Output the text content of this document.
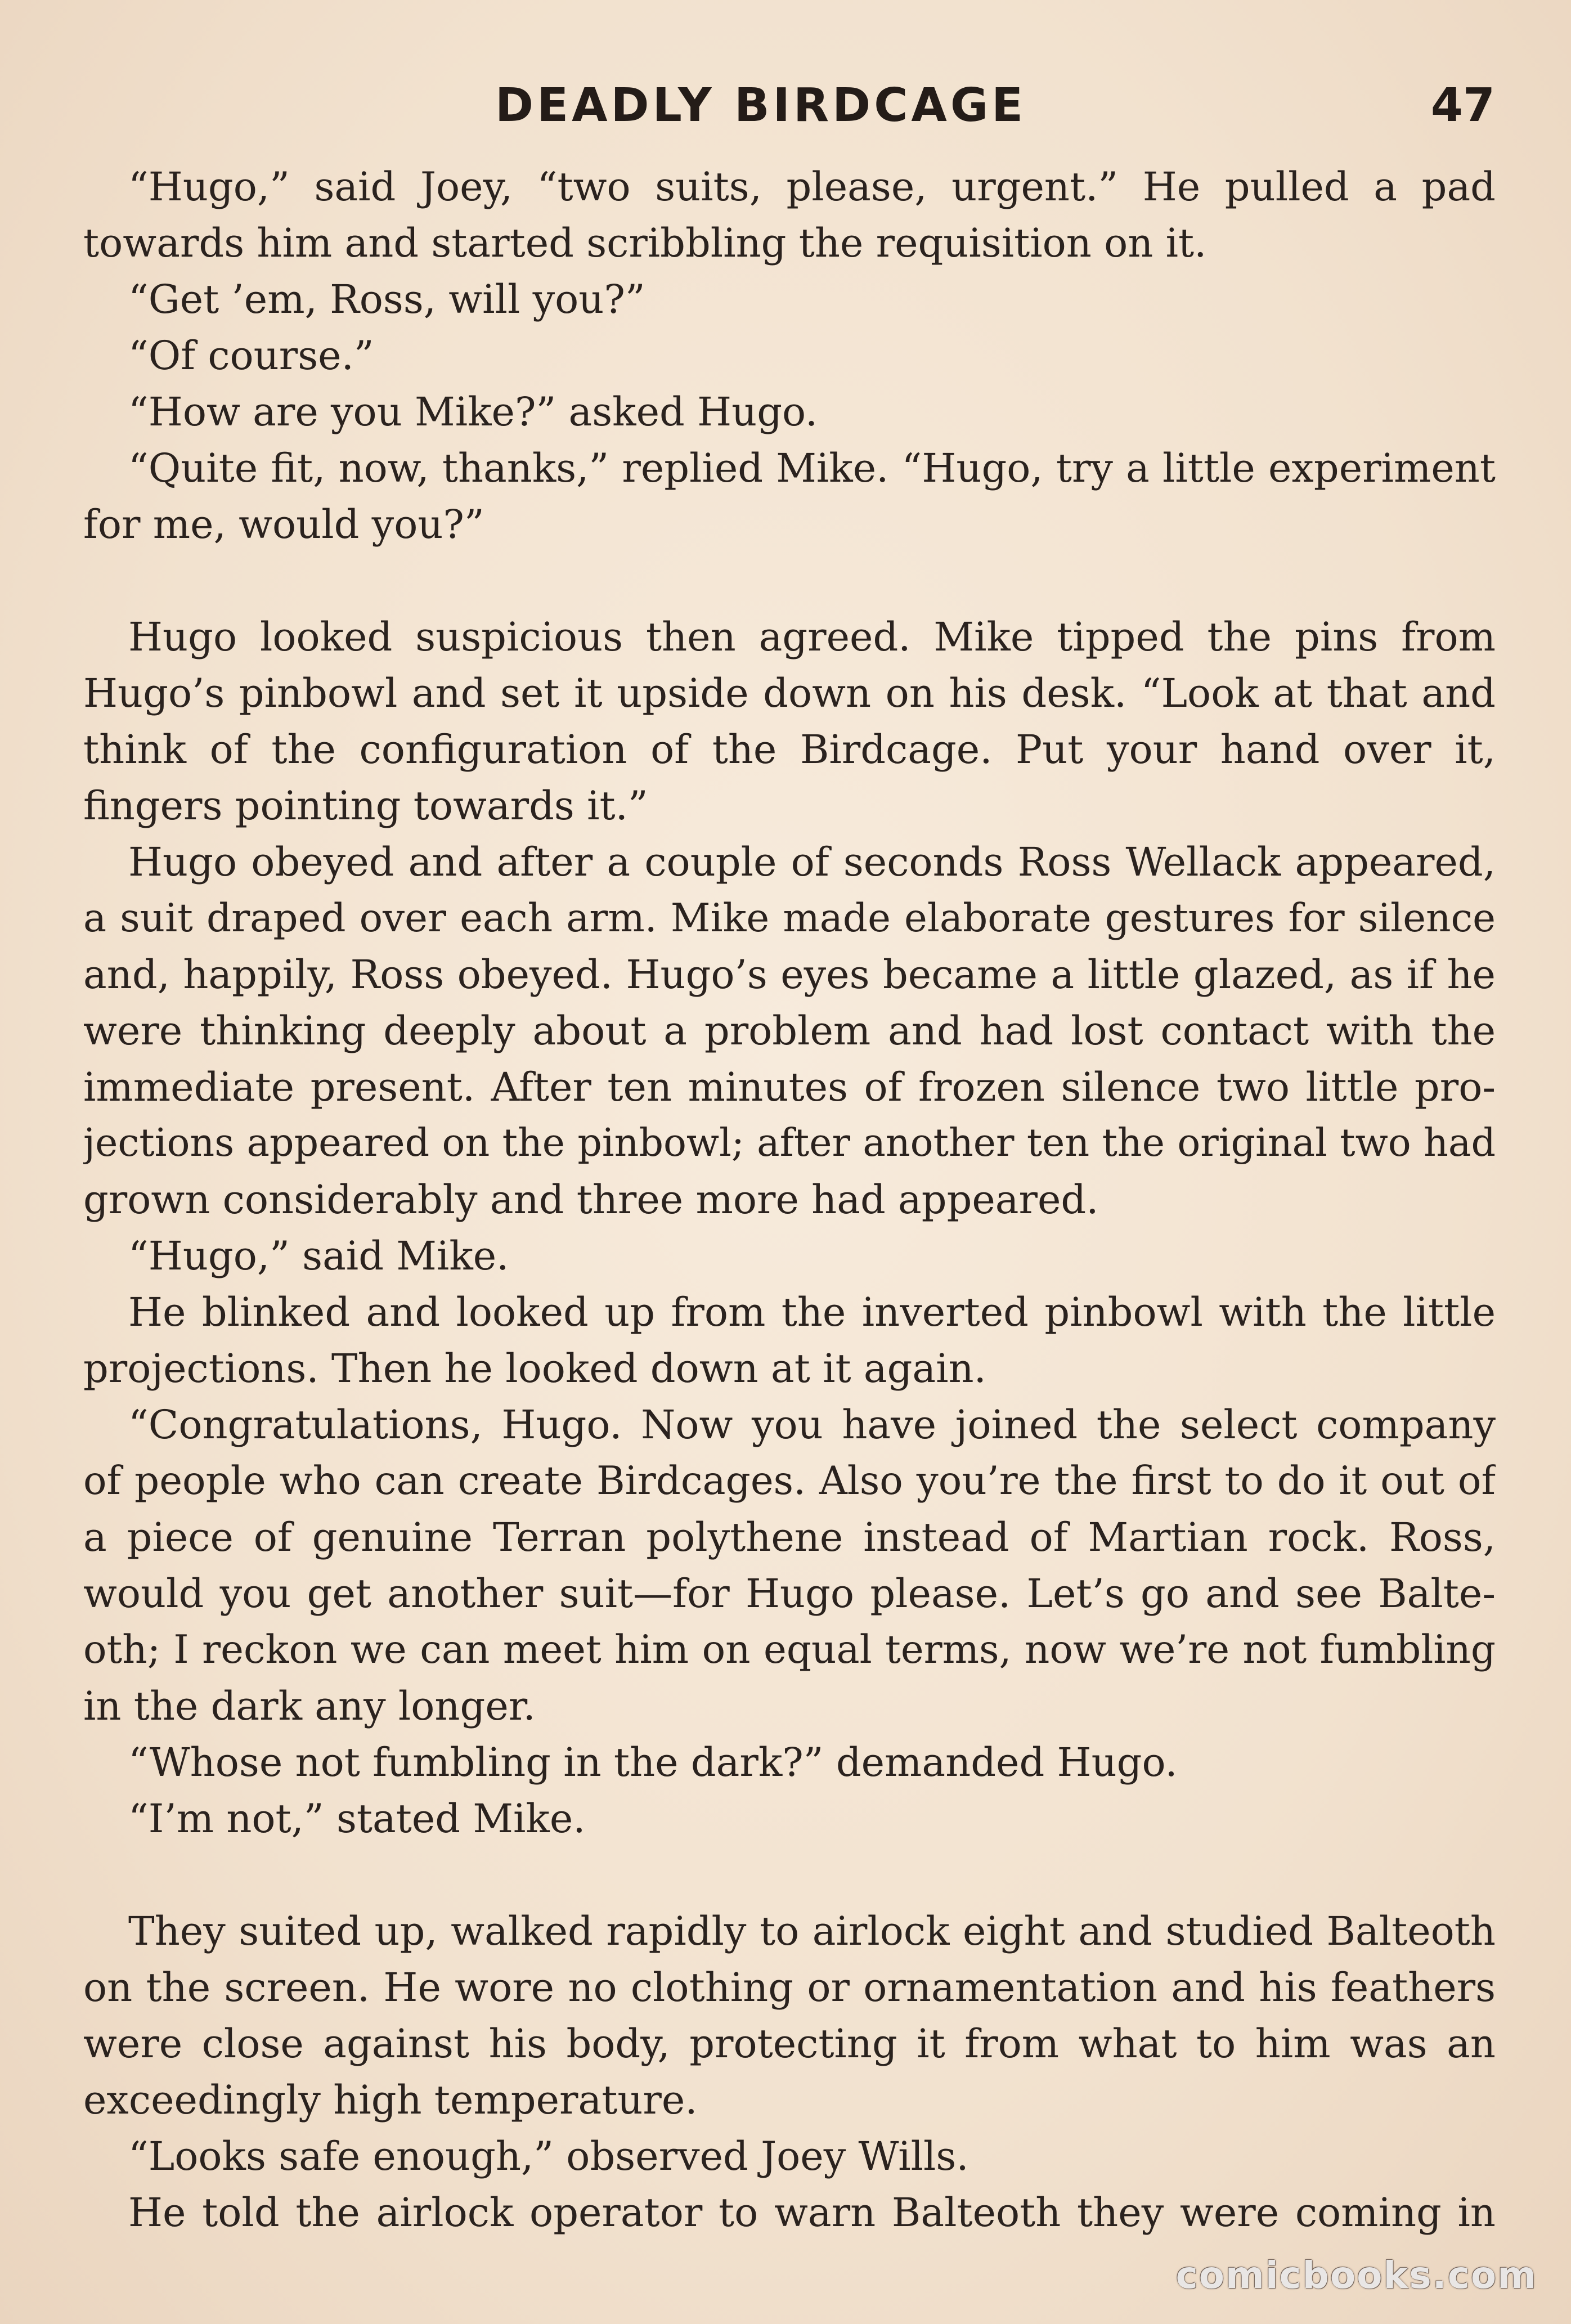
DEADLY BIRDCAGE	47
“Hugo,” said Joey, “two suits, please, urgent.” He pulled a pad
towards him and started scribbling the requisition on it.
“Get ’em, Ross, will you?”
“Of course.”
“How are you Mike?” asked Hugo.
“Quite fit, now, thanks,” replied Mike. “Hugo, try a little experiment
for me, would you?”
Hugo looked suspicious then agreed. Mike tipped the pins from
Hugo’s pinbowl and set it upside down on his desk. “Look at that and
think of the configuration of the Birdcage. Put your hand over it,
fingers pointing towards it.”
Hugo obeyed and after a couple of seconds Ross Wellack appeared,
a suit draped over each arm. Mike made elaborate gestures for silence
and, happily, Ross obeyed. Hugo’s eyes became a little glazed, as if he
were thinking deeply about a problem and had lost contact with the
immediate present. After ten minutes of frozen silence two little pro-
jections appeared on the pinbowl; after another ten the original two had
grown considerably and three more had appeared.
“Hugo,” said Mike.
He blinked and looked up from the inverted pinbowl with the little
projections. Then he looked down at it again.
“Congratulations, Hugo. Now you have joined the select company
of people who can create Birdcages. Also you’re the first to do it out of
a piece of genuine Terran polythene instead of Martian rock. Ross,
would you get another suit—for Hugo please. Let’s go and see Balte-
oth; I reckon we can meet him on equal terms, now we’re not fumbling
in the dark any longer.
“Whose not fumbling in the dark?” demanded Hugo.
“I’m not,” stated Mike.
They suited up, walked rapidly to airlock eight and studied Balteoth
on the screen. He wore no clothing or ornamentation and his feathers
were close against his body, protecting it from what to him was an
exceedingly high temperature.
“Looks safe enough,” observed Joey Wills.
He told the airlock operator to warn Balteoth they were coming in
comicbooks.com
